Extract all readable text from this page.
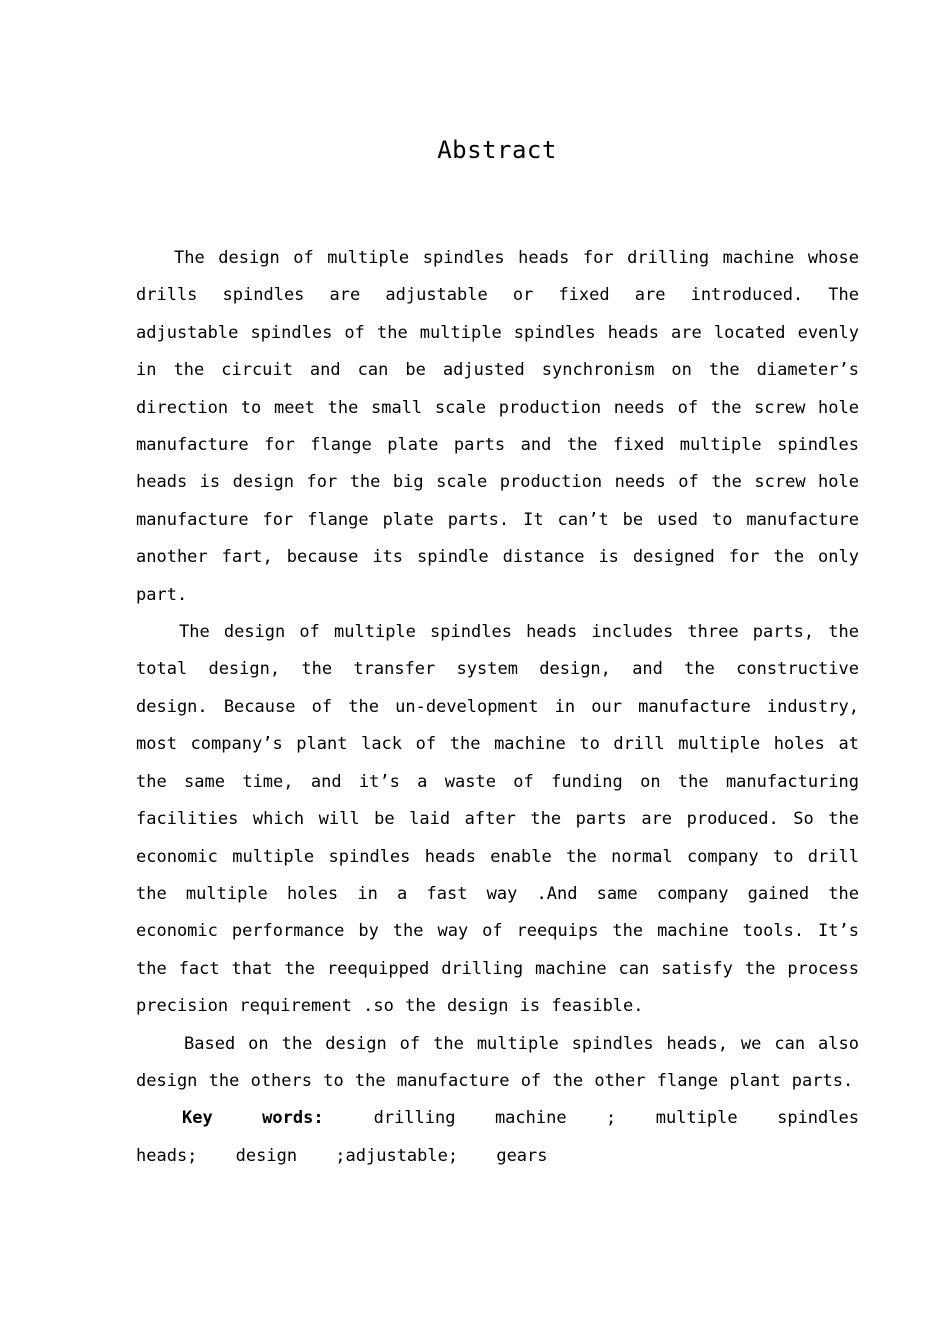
Abstract

The design of multiple spindles heads for drilling machine whose drills spindles are adjustable or fixed are introduced. The adjustable spindles of the multiple spindles heads are located evenly in the circuit and can be adjusted synchronism on the diameter’s direction to meet the small scale production needs of the screw hole manufacture for flange plate parts and the fixed multiple spindles heads is design for the big scale production needs of the screw hole manufacture for flange plate parts. It can’t be used to manufacture another fart, because its spindle distance is designed for the only part.

The design of multiple spindles heads includes three parts, the total design, the transfer system design, and the constructive design. Because of the un-development in our manufacture industry, most company’s plant lack of the machine to drill multiple holes at the same time, and it’s a waste of funding on the manufacturing facilities which will be laid after the parts are produced. So the economic multiple spindles heads enable the normal company to drill the multiple holes in a fast way .And same company gained the economic performance by the way of reequips the machine tools. It’s the fact that the reequipped drilling machine can satisfy the process precision requirement .so the design is feasible.

Based on the design of the multiple spindles heads, we can also design the others to the manufacture of the other flange plant parts.

Key words:	drilling machine ; multiple spindles heads; design ;adjustable; gears
